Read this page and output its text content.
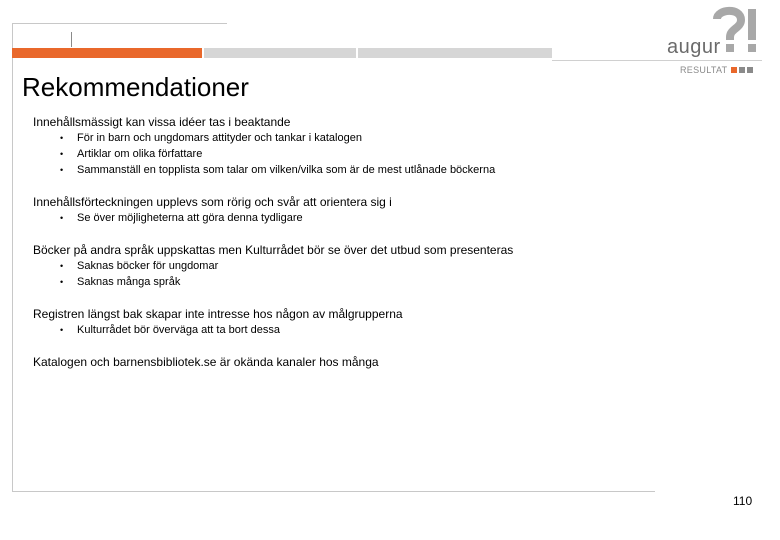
augur
RESULTAT
Rekommendationer
Innehållsmässigt kan vissa idéer tas i beaktande
• För in barn och ungdomars attityder och tankar i katalogen
• Artiklar om olika författare
• Sammanställ en topplista som talar om vilken/vilka som är de mest utlånade böckerna
Innehållsförteckningen upplevs som rörig och svår att orientera sig i
• Se över möjligheterna att göra denna tydligare
Böcker på andra språk uppskattas men Kulturrådet bör se över det utbud som presenteras
• Saknas böcker för ungdomar
• Saknas många språk
Registren längst bak skapar inte intresse hos någon av målgrupperna
• Kulturrådet bör överväga att ta bort dessa
Katalogen och barnensbibliotek.se är okända kanaler hos många
110
